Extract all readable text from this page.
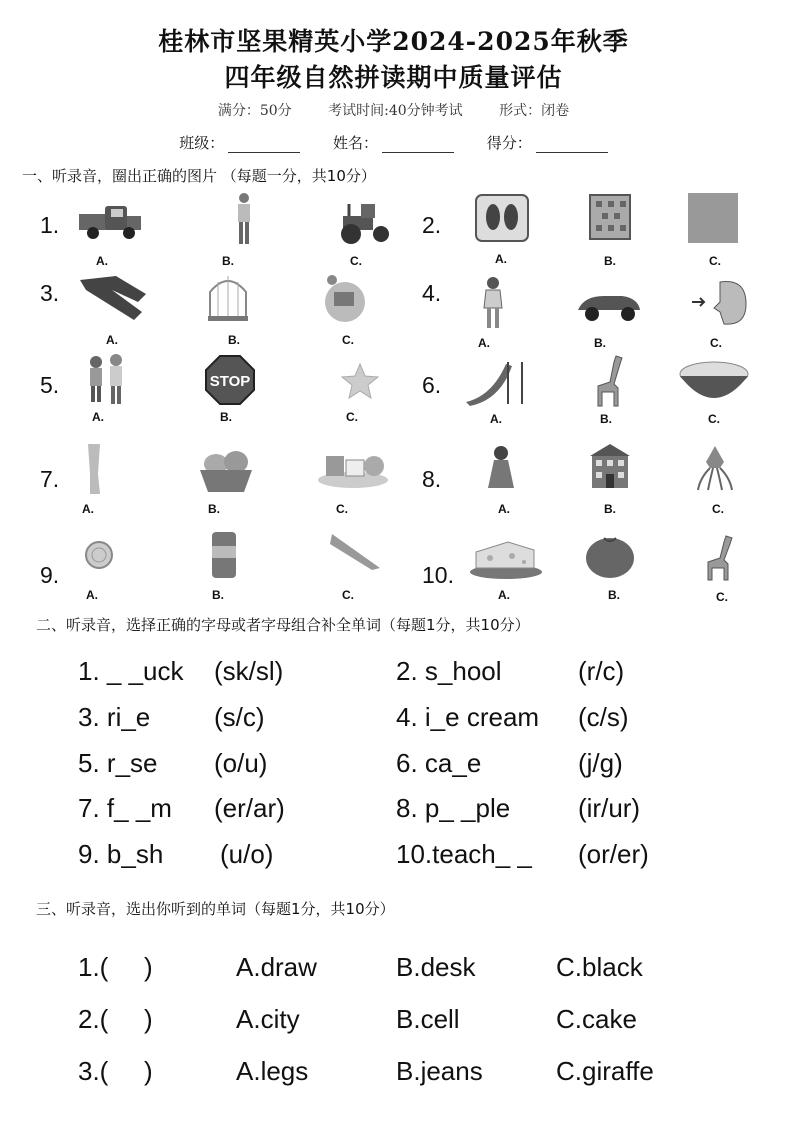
桂林市坚果精英小学2024-2025年秋季
四年级自然拼读期中质量评估
满分：50分	考试时间:40分钟考试	形式：闭卷
班级：	姓名：	得分：
一、听录音，圈出正确的图片 （每题一分，共10分）
1.
A.	B.	C.
2.
A.	B.	C.
3.
A.	B.	C.
4.
A.	B.	C.
5.
A.
STOP
B.	C.
6.
A.	B.	C.
7.
A.	B.	C.
8.
A.	B.	C.
9.
A.	B.	C.
10.
A.	B.	C.
二、听录音，选择正确的字母或者字母组合补全单词（每题1分，共10分）
1. _ _uck (sk/sl)	2. s_hool	(r/c)
3. ri_e (s/c)	4. i_e cream (c/s)
5. r_se (o/u)	6. ca_e	(j/g)
7. f_ _m (er/ar)	8. p_ _ple	(ir/ur)
9. b_sh (u/o)	10.teach_ _ (or/er)
三、听录音，选出你听到的单词（每题1分，共10分）
1.( )	A.draw	B.desk	C.black
2.( )	A.city	B.cell	C.cake
3.( )	A.legs	B.jeans	C.giraffe
